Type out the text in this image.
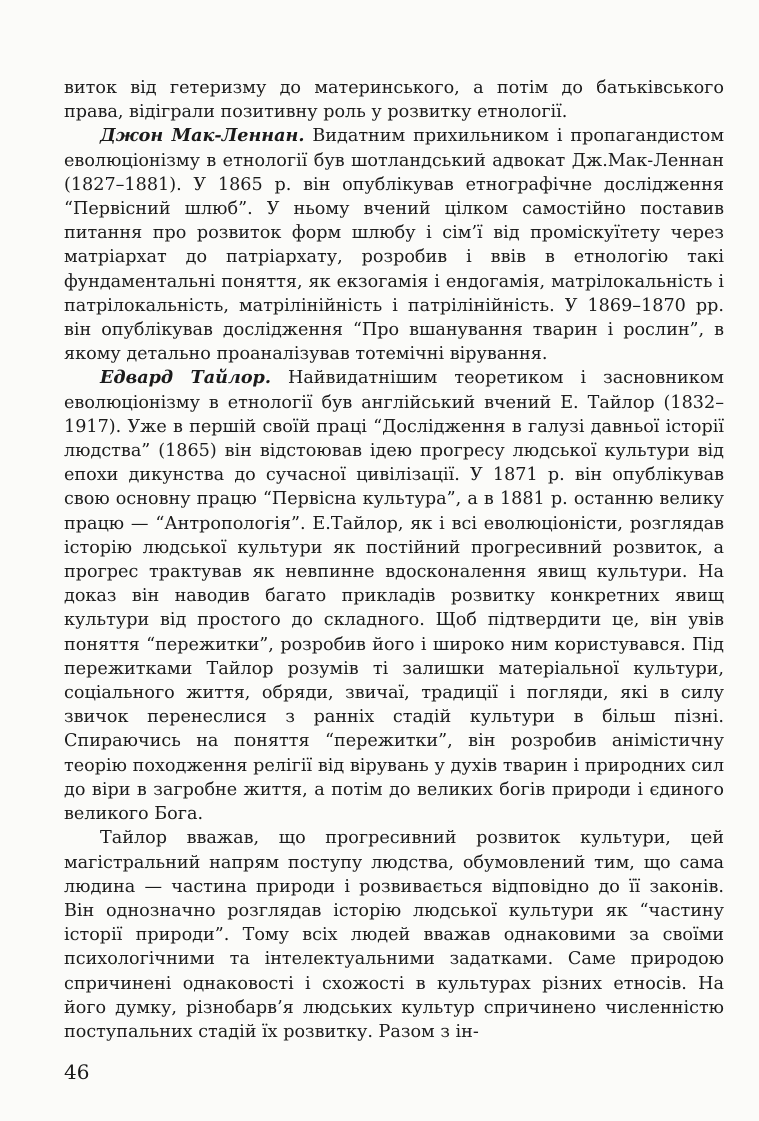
виток від гетеризму до материнського, а потім до батьківського права, відіграли позитивну роль у розвитку етнології.

Джон Мак-Леннан. Видатним прихильником і пропагандистом еволюціонізму в етнології був шотландський адвокат Дж.Мак-Леннан (1827–1881). У 1865 р. він опублікував етнографічне дослідження “Первісний шлюб”. У ньому вчений цілком самостійно поставив питання про розвиток форм шлюбу і сім’ї від проміскуїтету через матріархат до патріархату, розробив і ввів в етнологію такі фундаментальні поняття, як екзогамія і ендогамія, матрілокальність і патрілокальність, матрілінійність і патрілінійність. У 1869–1870 рр. він опублікував дослідження “Про вшанування тварин і рослин”, в якому детально проаналізував тотемічні вірування.

Едвард Тайлор. Найвидатнішим теоретиком і засновником еволюціонізму в етнології був англійський вчений Е. Тайлор (1832–1917). Уже в першій своїй праці “Дослідження в галузі давньої історії людства” (1865) він відстоював ідею прогресу людської культури від епохи дикунства до сучасної цивілізації. У 1871 р. він опублікував свою основну працю “Первісна культура”, а в 1881 р. останню велику працю — “Антропологія”. Е.Тайлор, як і всі еволюціоністи, розглядав історію людської культури як постійний прогресивний розвиток, а прогрес трактував як невпинне вдосконалення явищ культури. На доказ він наводив багато прикладів розвитку конкретних явищ культури від простого до складного. Щоб підтвердити це, він увів поняття “пережитки”, розробив його і широко ним користувався. Під пережитками Тайлор розумів ті залишки матеріальної культури, соціального життя, обряди, звичаї, традиції і погляди, які в силу звичок перенеслися з ранніх стадій культури в більш пізні. Спираючись на поняття “пережитки”, він розробив анімістичну теорію походження релігії від вірувань у духів тварин і природних сил до віри в загробне життя, а потім до великих богів природи і єдиного великого Бога.

Тайлор вважав, що прогресивний розвиток культури, цей магістральний напрям поступу людства, обумовлений тим, що сама людина — частина природи і розвивається відповідно до її законів. Він однозначно розглядав історію людської культури як “частину історії природи”. Тому всіх людей вважав однаковими за своїми психологічними та інтелектуальними задатками. Саме природою спричинені однаковості і схожості в культурах різних етносів. На його думку, різнобарв’я людських культур спричинено численністю поступальних стадій їх розвитку. Разом з ін-

46
